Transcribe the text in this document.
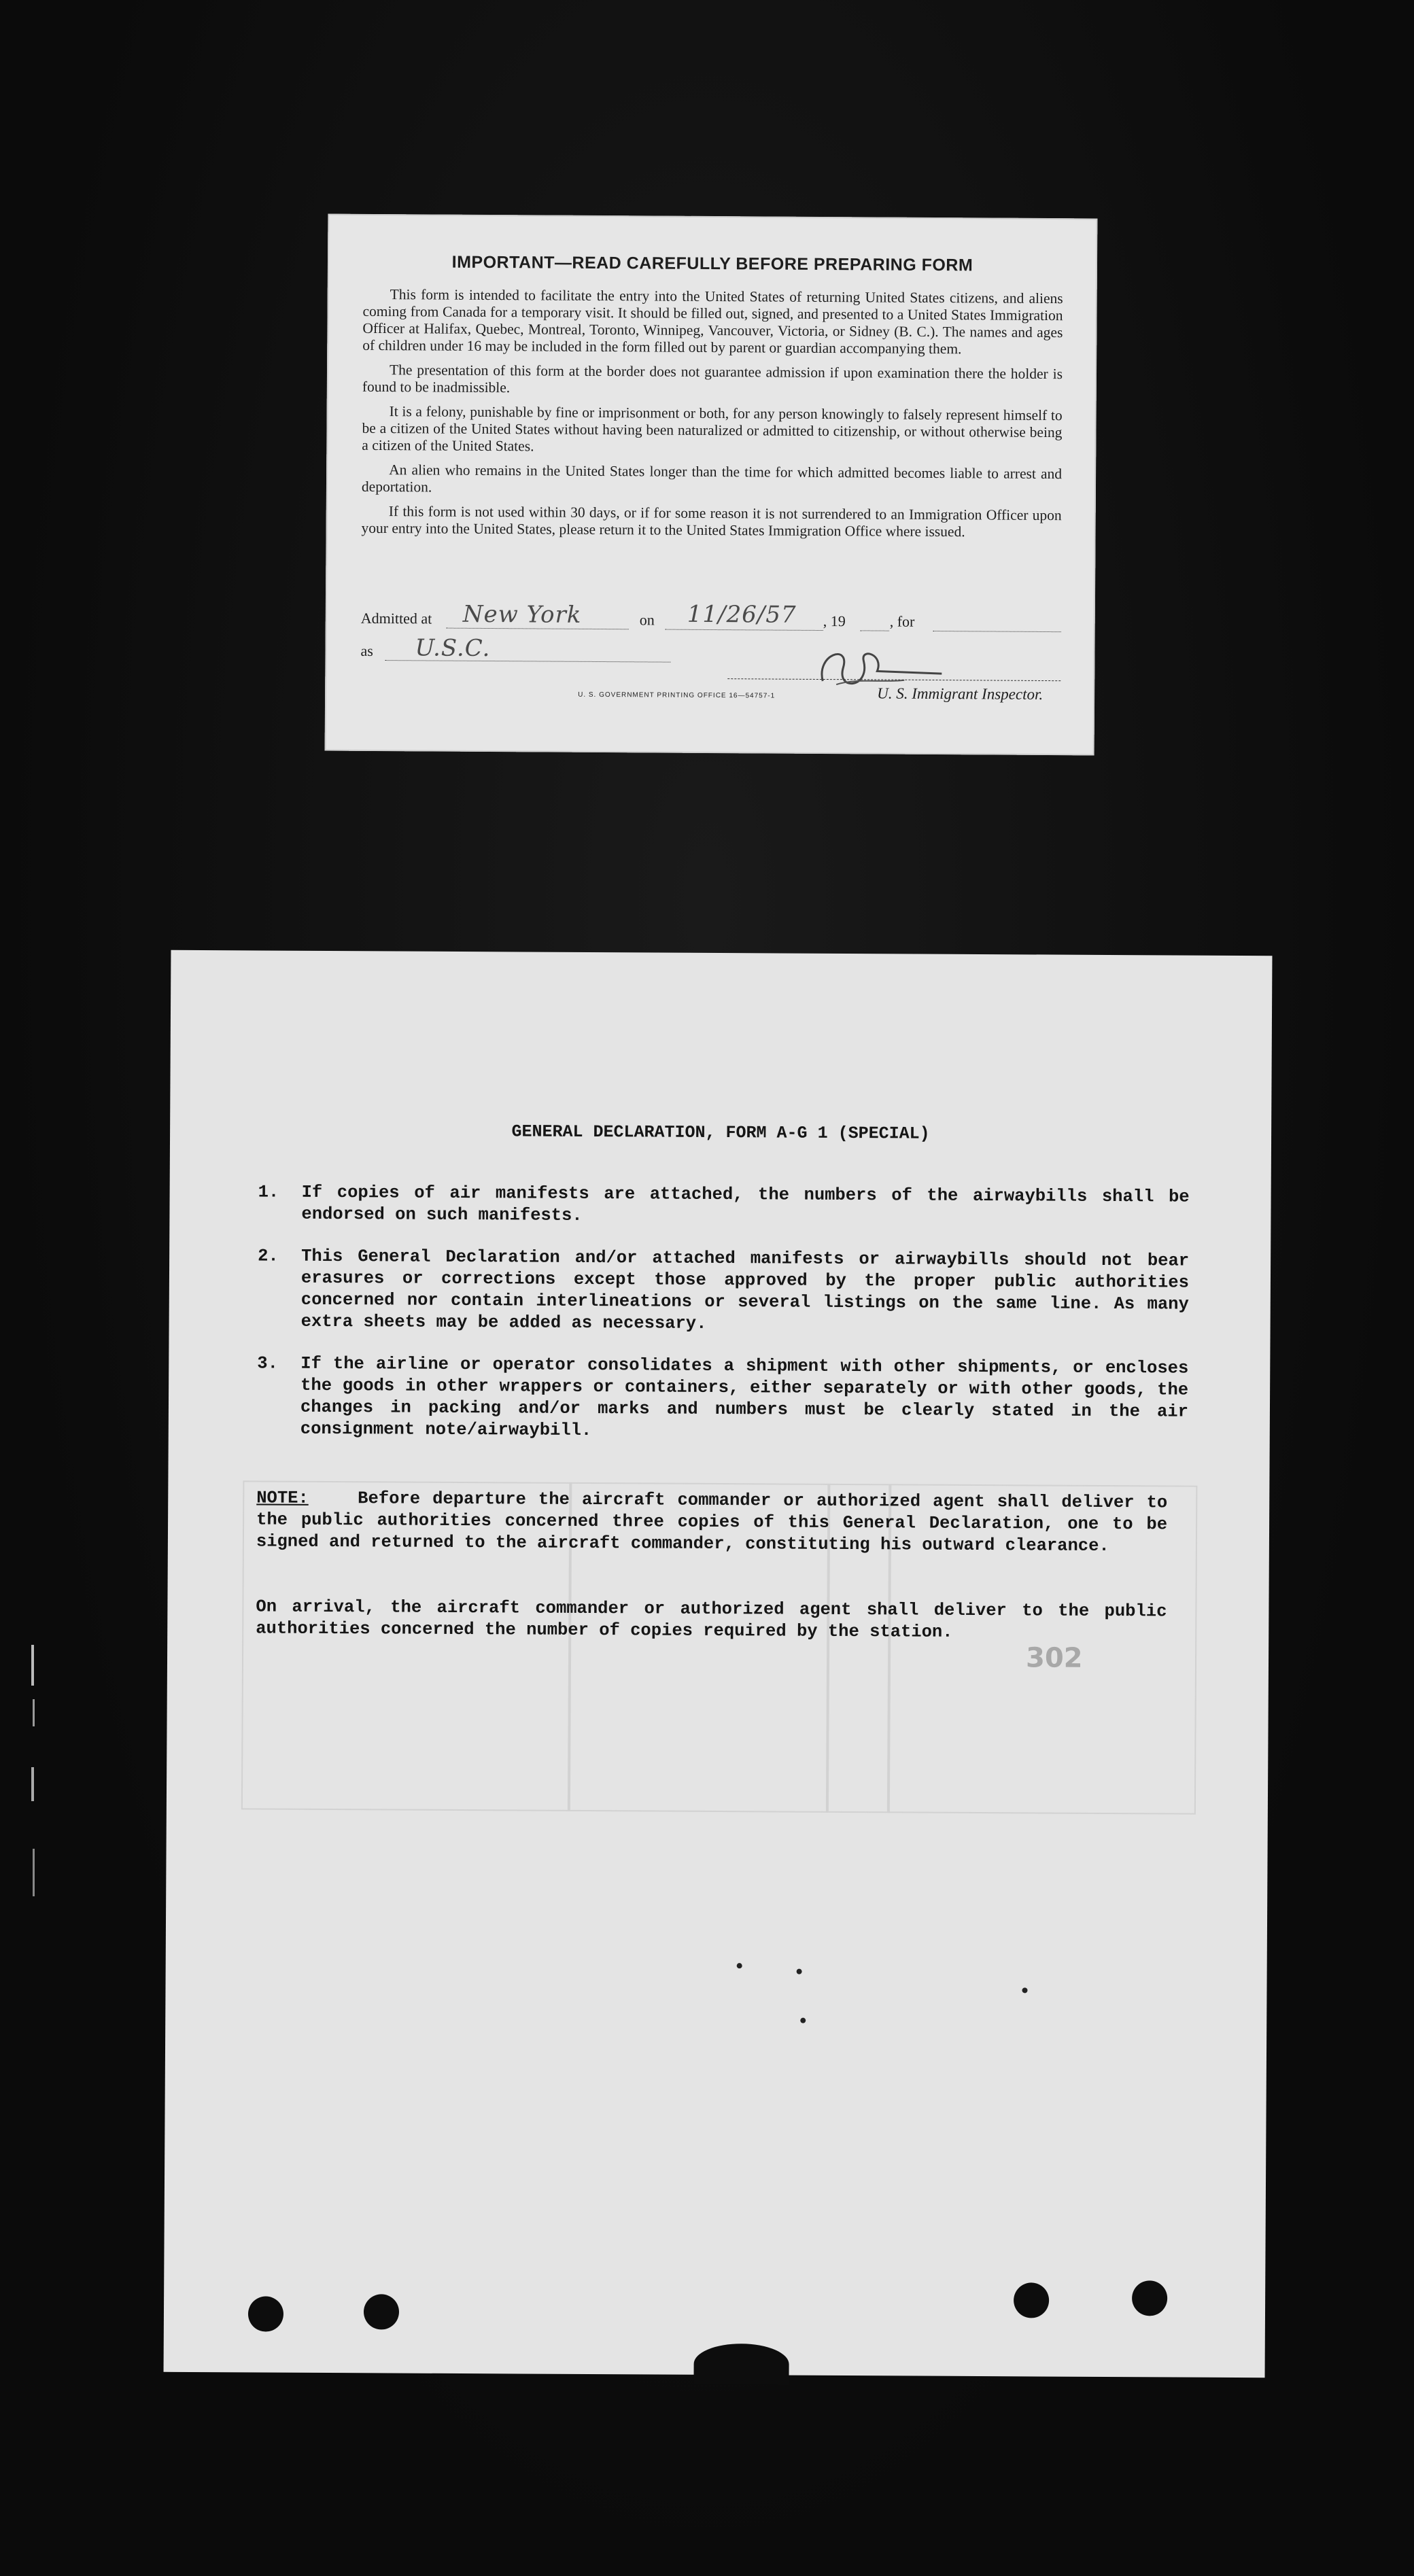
IMPORTANT—READ CAREFULLY BEFORE PREPARING FORM

This form is intended to facilitate the entry into the United States of returning United States citizens, and aliens coming from Canada for a temporary visit. It should be filled out, signed, and presented to a United States Immigration Officer at Halifax, Quebec, Montreal, Toronto, Winnipeg, Vancouver, Victoria, or Sidney (B. C.). The names and ages of children under 16 may be included in the form filled out by parent or guardian accompanying them.

The presentation of this form at the border does not guarantee admission if upon examination there the holder is found to be inadmissible.

It is a felony, punishable by fine or imprisonment or both, for any person knowingly to falsely represent himself to be a citizen of the United States without having been naturalized or admitted to citizenship, or without otherwise being a citizen of the United States.

An alien who remains in the United States longer than the time for which admitted becomes liable to arrest and deportation.

If this form is not used within 30 days, or if for some reason it is not surrendered to an Immigration Officer upon your entry into the United States, please return it to the United States Immigration Office where issued.

Admitted at New York	on 11/26/57 , 19	, for
as U.S.C.
U. S. GOVERNMENT PRINTING OFFICE 16—54757-1	U. S. Immigrant Inspector.
GENERAL DECLARATION, FORM A-G 1 (SPECIAL)
1. If copies of air manifests are attached, the numbers of the airwaybills shall be endorsed on such manifests.
2. This General Declaration and/or attached manifests or airwaybills should not bear erasures or corrections except those approved by the proper public authorities concerned nor contain interlineations or several listings on the same line. As many extra sheets may be added as necessary.
3. If the airline or operator consolidates a shipment with other shipments, or encloses the goods in other wrappers or containers, either separately or with other goods, the changes in packing and/or marks and numbers must be clearly stated in the air consignment note/airwaybill.
NOTE:	Before departure the aircraft commander or authorized agent shall deliver to the public authorities concerned three copies of this General Declaration, one to be signed and returned to the aircraft commander, constituting his outward clearance.
On arrival, the aircraft commander or authorized agent shall deliver to the public authorities concerned the number of copies required by the station.
302
